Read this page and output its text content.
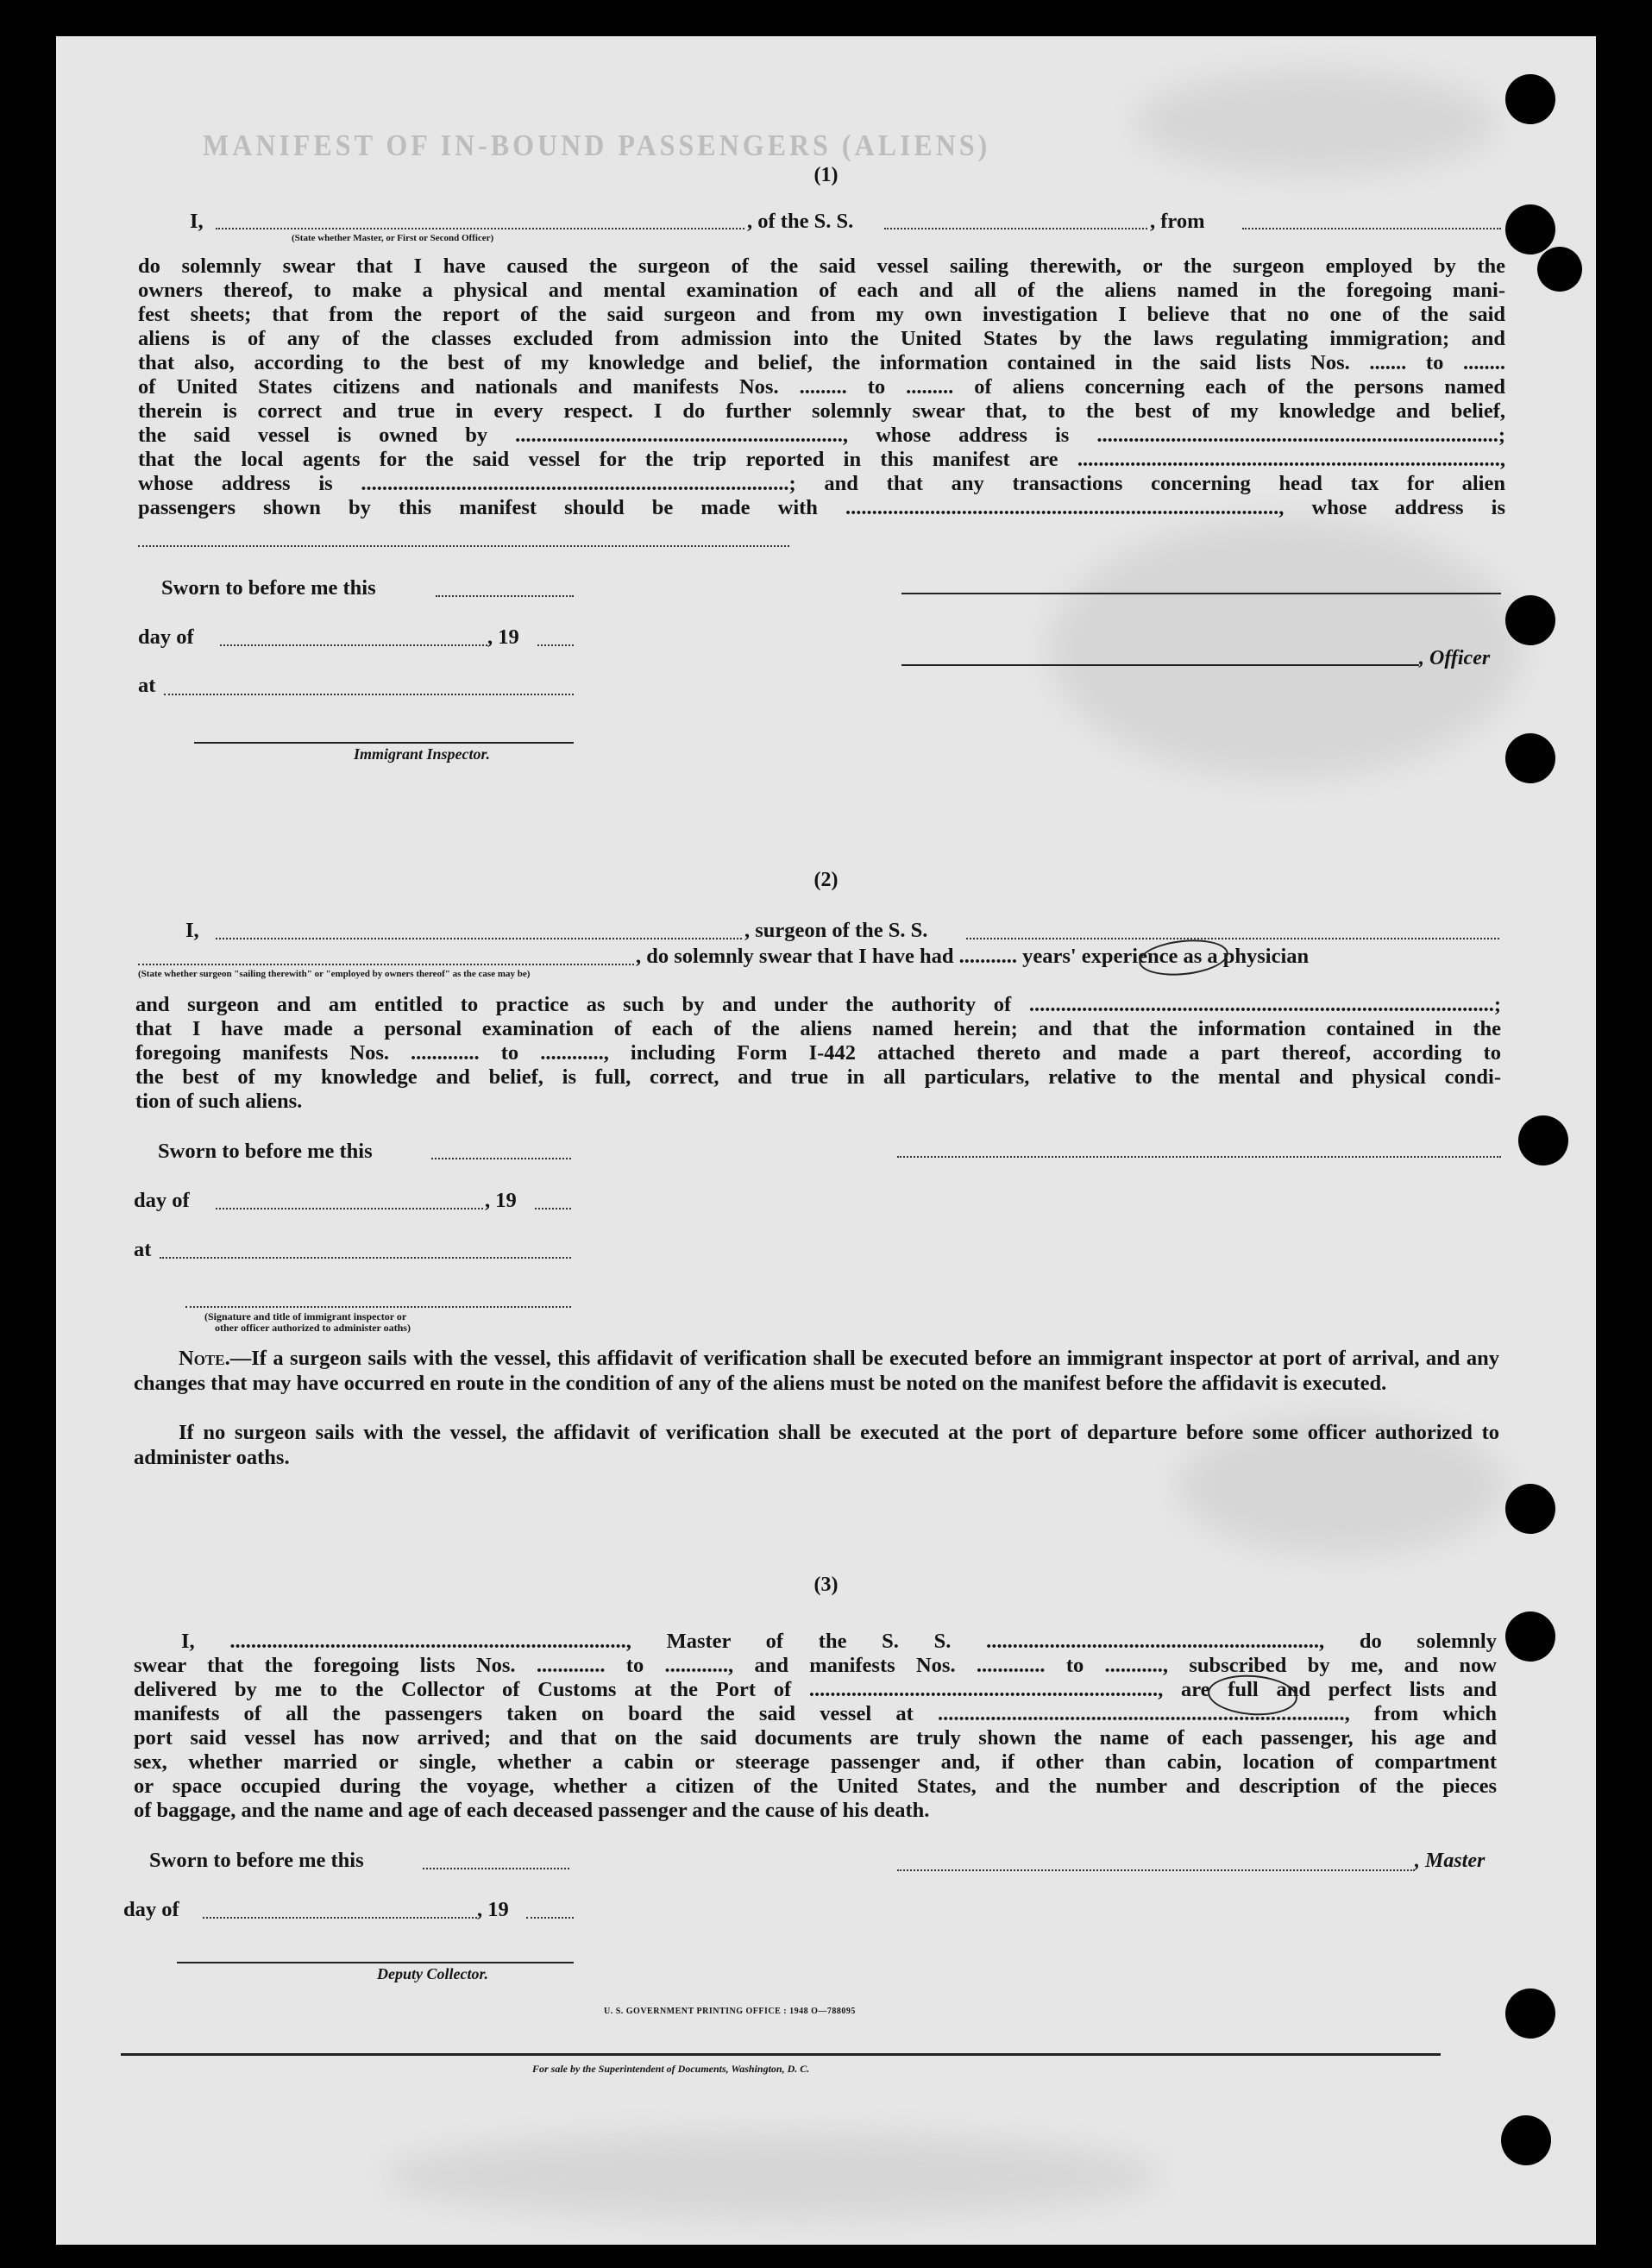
MANIFEST OF IN-BOUND PASSENGERS (ALIENS)
(1)
I,	, of the S. S.	, from
(State whether Master, or First or Second Officer)
do solemnly swear that I have caused the surgeon of the said vessel sailing therewith, or the surgeon employed by the
owners thereof, to make a physical and mental examination of each and all of the aliens named in the foregoing mani-
fest sheets; that from the report of the said surgeon and from my own investigation I believe that no one of the said
aliens is of any of the classes excluded from admission into the United States by the laws regulating immigration; and
that also, according to the best of my knowledge and belief, the information contained in the said lists Nos. ....... to ........
of United States citizens and nationals and manifests Nos. ......... to ......... of aliens concerning each of the persons named
therein is correct and true in every respect. I do further solemnly swear that, to the best of my knowledge and belief,
the said vessel is owned by .............................................................., whose address is ............................................................................;
that the local agents for the said vessel for the trip reported in this manifest are ................................................................................,
whose address is .................................................................................; and that any transactions concerning head tax for alien
passengers shown by this manifest should be made with .................................................................................., whose address is
Sworn to before me this
day of	, 19
at
, Officer
Immigrant Inspector.
(2)
I,	, surgeon of the S. S.
, do solemnly swear that I have had ........... years' experience as a physician
(State whether surgeon "sailing therewith" or "employed by owners thereof" as the case may be)
and surgeon and am entitled to practice as such by and under the authority of ........................................................................................;
that I have made a personal examination of each of the aliens named herein; and that the information contained in the
foregoing manifests Nos. ............. to ............, including Form I-442 attached thereto and made a part thereof, according to
the best of my knowledge and belief, is full, correct, and true in all particulars, relative to the mental and physical condi-
tion of such aliens.
Sworn to before me this
day of	, 19
at
(Signature and title of immigrant inspector or
other officer authorized to administer oaths)
Note.—If a surgeon sails with the vessel, this affidavit of verification shall be executed before an immigrant inspector at port of arrival, and any changes that may have occurred en route in the condition of any of the aliens must be noted on the manifest before the affidavit is executed.
If no surgeon sails with the vessel, the affidavit of verification shall be executed at the port of departure before some officer authorized to administer oaths.
(3)
I, ..........................................................................., Master of the S. S. ..............................................................., do solemnly
swear that the foregoing lists Nos. ............. to ............, and manifests Nos. ............. to ..........., subscribed by me, and now
delivered by me to the Collector of Customs at the Port of .................................................................., are full and perfect lists and
manifests of all the passengers taken on board the said vessel at ............................................................................., from which
port said vessel has now arrived; and that on the said documents are truly shown the name of each passenger, his age and
sex, whether married or single, whether a cabin or steerage passenger and, if other than cabin, location of compartment
or space occupied during the voyage, whether a citizen of the United States, and the number and description of the pieces
of baggage, and the name and age of each deceased passenger and the cause of his death.
Sworn to before me this	, Master
day of	, 19
Deputy Collector.
U. S. GOVERNMENT PRINTING OFFICE : 1948 O—788095
For sale by the Superintendent of Documents, Washington, D. C.
